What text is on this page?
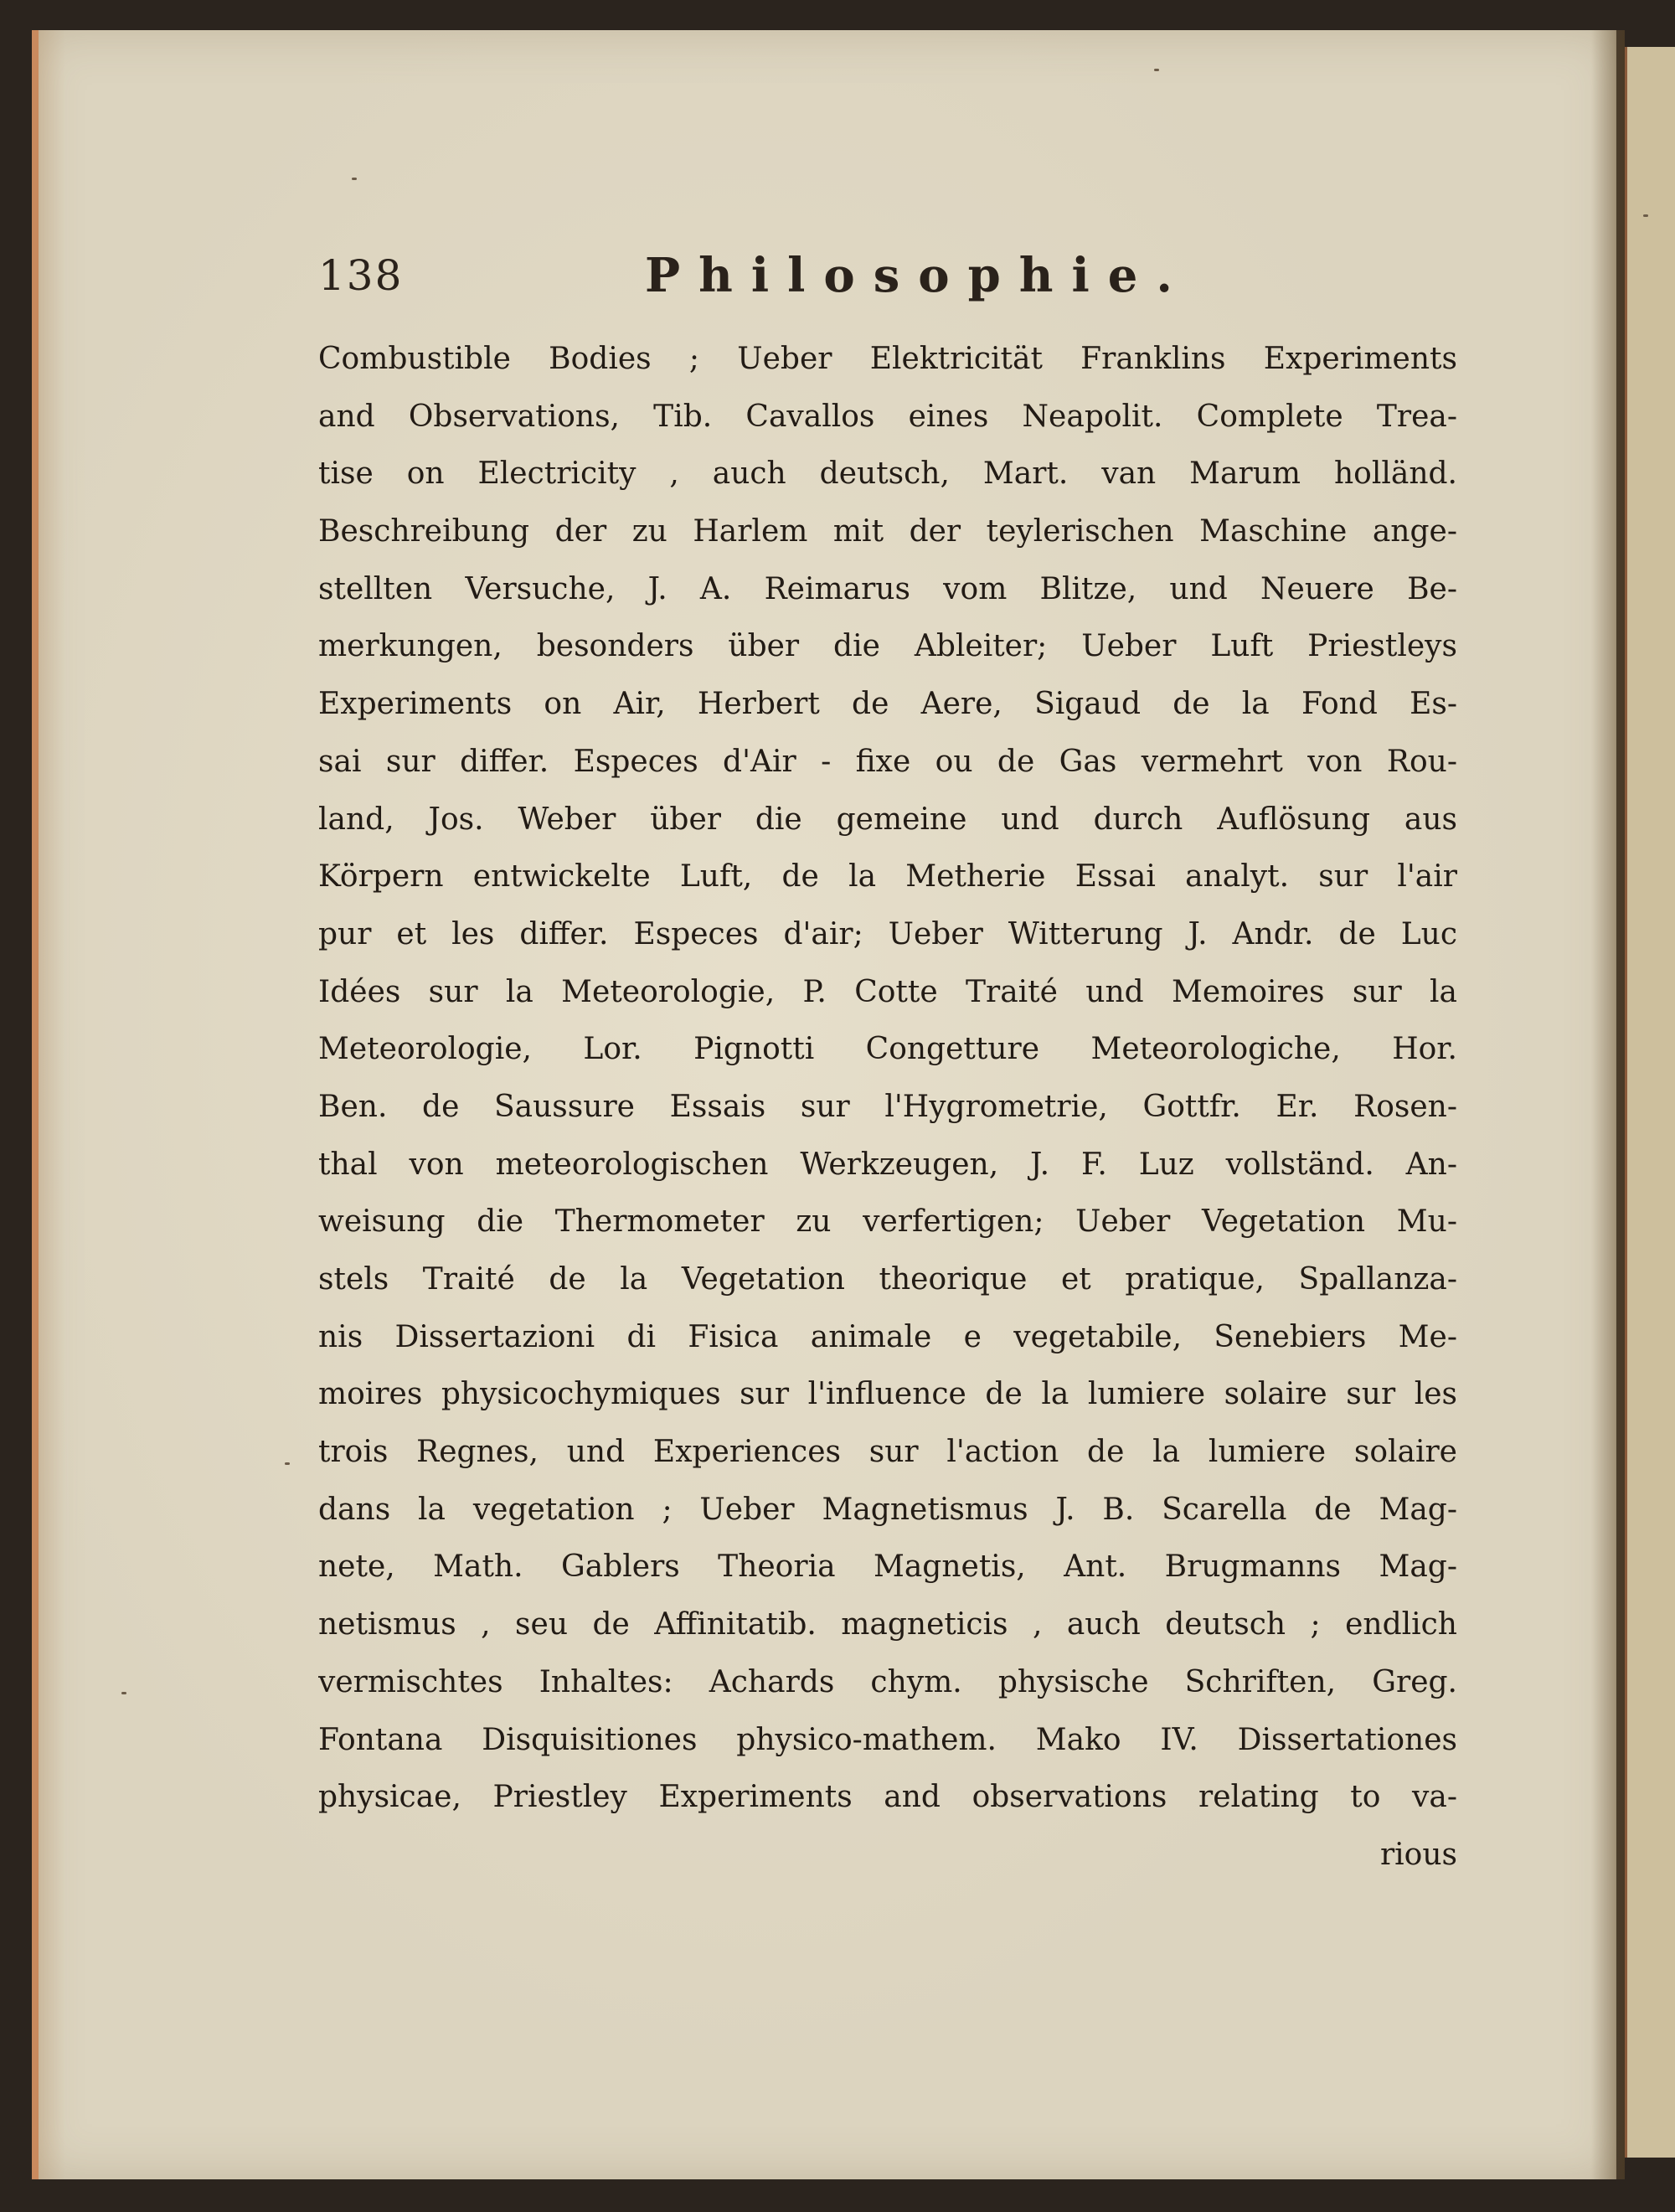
138	Philosophie.
Combustible Bodies ; Ueber Elektricität Franklins Experiments
and Observations, Tib. Cavallos eines Neapolit. Complete Trea-
tise on Electricity , auch deutsch, Mart. van Marum holländ.
Beschreibung der zu Harlem mit der teylerischen Maschine ange-
stellten Versuche, J. A. Reimarus vom Blitze, und Neuere Be-
merkungen, besonders über die Ableiter; Ueber Luft Priestleys
Experiments on Air, Herbert de Aere, Sigaud de la Fond Es-
sai sur differ. Especes d'Air - fixe ou de Gas vermehrt von Rou-
land, Jos. Weber über die gemeine und durch Auflösung aus
Körpern entwickelte Luft, de la Metherie Essai analyt. sur l'air
pur et les differ. Especes d'air; Ueber Witterung J. Andr. de Luc
Idées sur la Meteorologie, P. Cotte Traité und Memoires sur la
Meteorologie, Lor. Pignotti Congetture Meteorologiche, Hor.
Ben. de Saussure Essais sur l'Hygrometrie, Gottfr. Er. Rosen-
thal von meteorologischen Werkzeugen, J. F. Luz vollständ. An-
weisung die Thermometer zu verfertigen; Ueber Vegetation Mu-
stels Traité de la Vegetation theorique et pratique, Spallanza-
nis Dissertazioni di Fisica animale e vegetabile, Senebiers Me-
moires physicochymiques sur l'influence de la lumiere solaire sur les
trois Regnes, und Experiences sur l'action de la lumiere solaire
dans la vegetation ; Ueber Magnetismus J. B. Scarella de Mag-
nete, Math. Gablers Theoria Magnetis, Ant. Brugmanns Mag-
netismus , seu de Affinitatib. magneticis , auch deutsch ; endlich
vermischtes Inhaltes: Achards chym. physische Schriften, Greg.
Fontana Disquisitiones physico-mathem. Mako IV. Dissertationes
physicae, Priestley Experiments and observations relating to va-
rious
